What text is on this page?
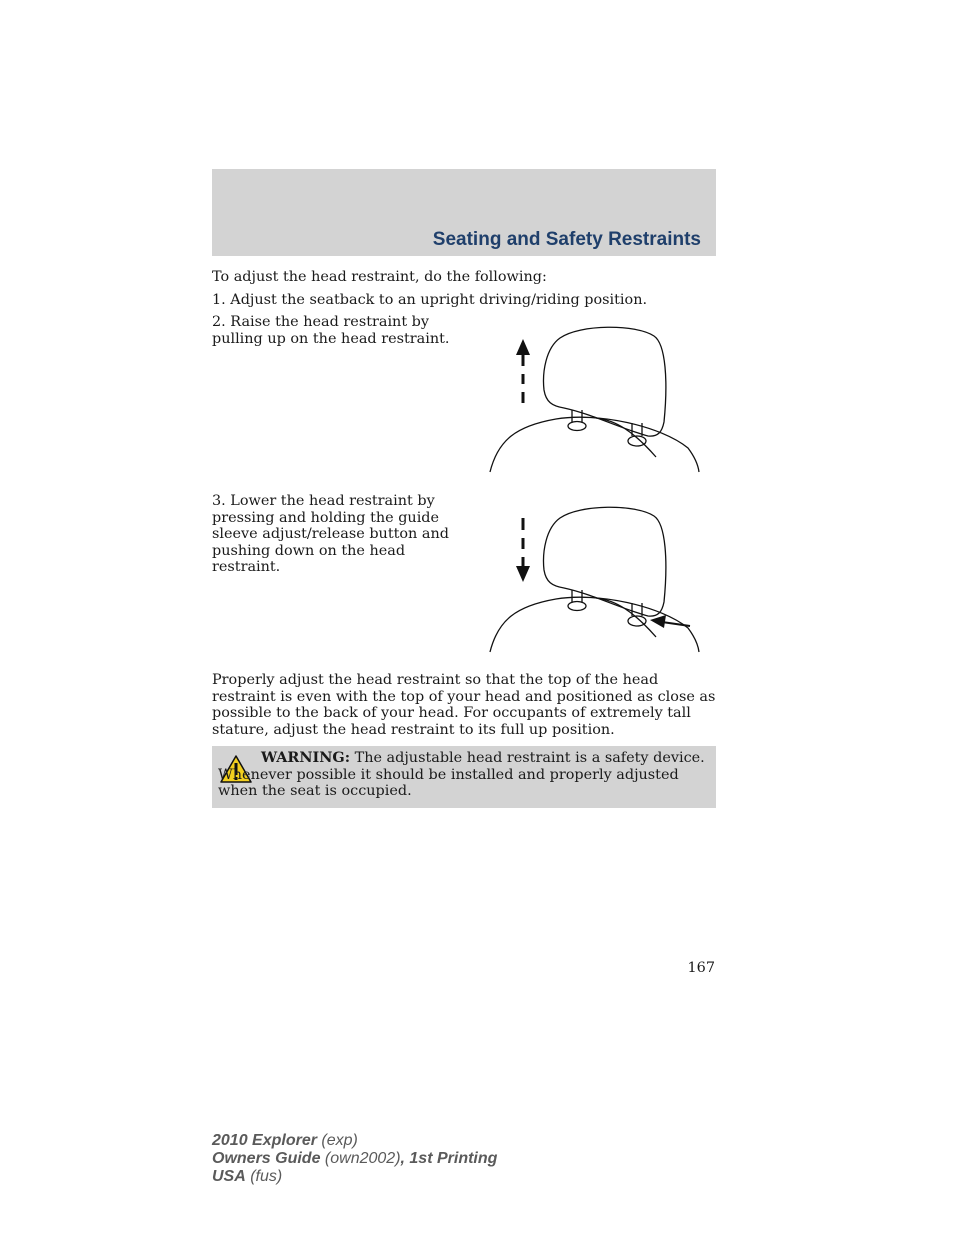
Seating and Safety Restraints

To adjust the head restraint, do the following:

1. Adjust the seatback to an upright driving/riding position.

2. Raise the head restraint by pulling up on the head restraint.

3. Lower the head restraint by pressing and holding the guide sleeve adjust/release button and pushing down on the head restraint.

Properly adjust the head restraint so that the top of the head restraint is even with the top of your head and positioned as close as possible to the back of your head. For occupants of extremely tall stature, adjust the head restraint to its full up position.

WARNING: The adjustable head restraint is a safety device. Whenever possible it should be installed and properly adjusted when the seat is occupied.

167
2010 Explorer (exp)
Owners Guide (own2002), 1st Printing
USA (fus)
